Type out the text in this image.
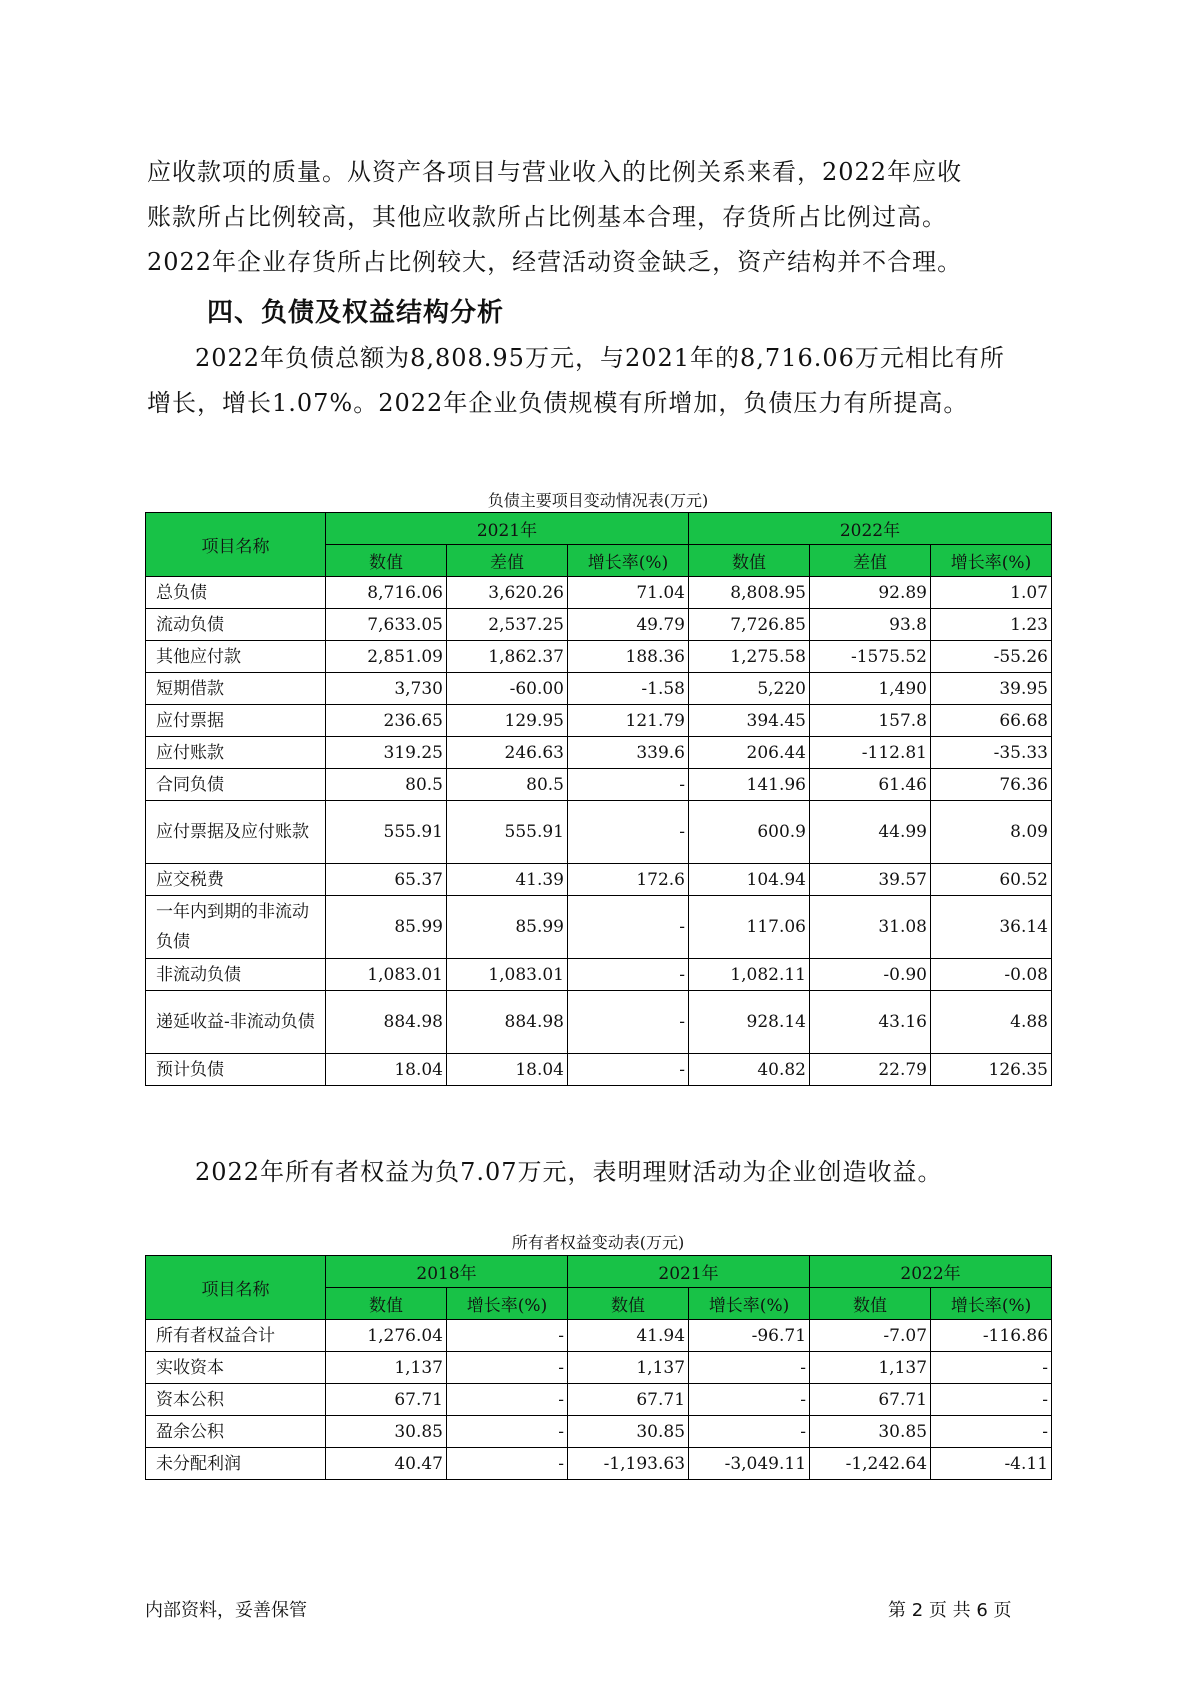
应收款项的质量。从资产各项目与营业收入的比例关系来看，2022年应收
账款所占比例较高，其他应收款所占比例基本合理，存货所占比例过高。
2022年企业存货所占比例较大，经营活动资金缺乏，资产结构并不合理。
四、负债及权益结构分析
2022年负债总额为8,808.95万元，与2021年的8,716.06万元相比有所
增长，增长1.07%。2022年企业负债规模有所增加，负债压力有所提高。
负债主要项目变动情况表(万元)
项目名称	2021年			2022年		
	数值	差值	增长率(%)	数值	差值	增长率(%)
总负债	8,716.06	3,620.26	71.04	8,808.95	92.89	1.07
流动负债	7,633.05	2,537.25	49.79	7,726.85	93.8	1.23
其他应付款	2,851.09	1,862.37	188.36	1,275.58	-1575.52	-55.26
短期借款	3,730	-60.00	-1.58	5,220	1,490	39.95
应付票据	236.65	129.95	121.79	394.45	157.8	66.68
应付账款	319.25	246.63	339.6	206.44	-112.81	-35.33
合同负债	80.5	80.5	-	141.96	61.46	76.36
应付票据及应付账款	555.91	555.91	-	600.9	44.99	8.09
应交税费	65.37	41.39	172.6	104.94	39.57	60.52
一年内到期的非流动负债	85.99	85.99	-	117.06	31.08	36.14
非流动负债	1,083.01	1,083.01	-	1,082.11	-0.90	-0.08
递延收益-非流动负债	884.98	884.98	-	928.14	43.16	4.88
预计负债	18.04	18.04	-	40.82	22.79	126.35
2022年所有者权益为负7.07万元，表明理财活动为企业创造收益。
所有者权益变动表(万元)
项目名称	2018年		2021年		2022年	
	数值	增长率(%)	数值	增长率(%)	数值	增长率(%)
所有者权益合计	1,276.04	-	41.94	-96.71	-7.07	-116.86
实收资本	1,137	-	1,137	-	1,137	-
资本公积	67.71	-	67.71	-	67.71	-
盈余公积	30.85	-	30.85	-	30.85	-
未分配利润	40.47	-	-1,193.63	-3,049.11	-1,242.64	-4.11
内部资料，妥善保管	第 2 页 共 6 页
